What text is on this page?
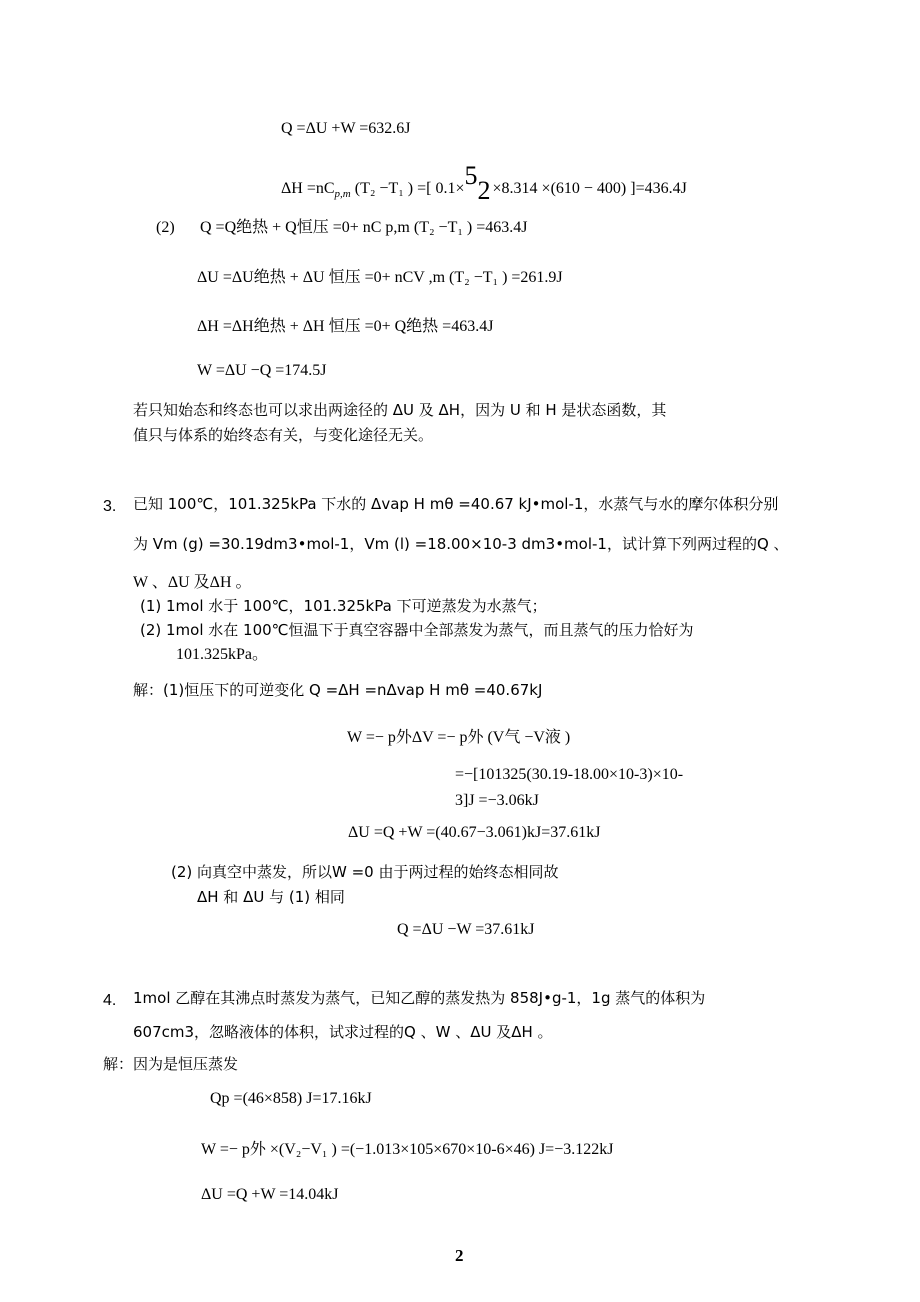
Q =ΔU +W =632.6J
$\Delta H =nC_{p,m}$ (T₂ −T₁ ) =[ 0.1×52 ×8.314 ×(610 − 400) ]=436.4J
(2) Q =Q绝热 + Q恒压 =0+ nC p,m (T₂ −T₁ ) =463.4J
ΔU =ΔU绝热 + ΔU 恒压 =0+ nCV ,m (T₂ −T₁ ) =261.9J
ΔH =ΔH绝热 + ΔH 恒压 =0+ Q绝热 =463.4J
W =ΔU −Q =174.5J
若只知始态和终态也可以求出两途径的 ΔU 及 ΔH，因为 U 和 H 是状态函数，其
值只与体系的始终态有关，与变化途径无关。
3. 已知 100℃，101.325kPa 下水的 Δvap H mθ =40.67 kJ•mol-1，水蒸气与水的摩尔体积分别
为 Vm (g) =30.19dm3•mol-1，Vm (l) =18.00×10-3 dm3•mol-1，试计算下列两过程的Q 、
W 、ΔU 及ΔH 。
(1) 1mol 水于 100℃，101.325kPa 下可逆蒸发为水蒸气；
(2) 1mol 水在 100℃恒温下于真空容器中全部蒸发为蒸气，而且蒸气的压力恰好为
101.325kPa。
解：(1)恒压下的可逆变化 Q =ΔH =nΔvap H mθ =40.67kJ
W =− p外ΔV =− p外 (V气 −V液 )
=−[101325(30.19-18.00×10-3)×10-
3]J =−3.06kJ
ΔU =Q +W =(40.67−3.061)kJ=37.61kJ
(2) 向真空中蒸发，所以W =0 由于两过程的始终态相同故
ΔH 和 ΔU 与 (1) 相同
Q =ΔU −W =37.61kJ
4. 1mol 乙醇在其沸点时蒸发为蒸气，已知乙醇的蒸发热为 858J•g-1，1g 蒸气的体积为
607cm3，忽略液体的体积，试求过程的Q 、W 、ΔU 及ΔH 。
解：因为是恒压蒸发
Qp =(46×858) J=17.16kJ
W =− p外 ×(V₂−V₁ ) =(−1.013×105×670×10-6×46) J=−3.122kJ
ΔU =Q +W =14.04kJ
2
